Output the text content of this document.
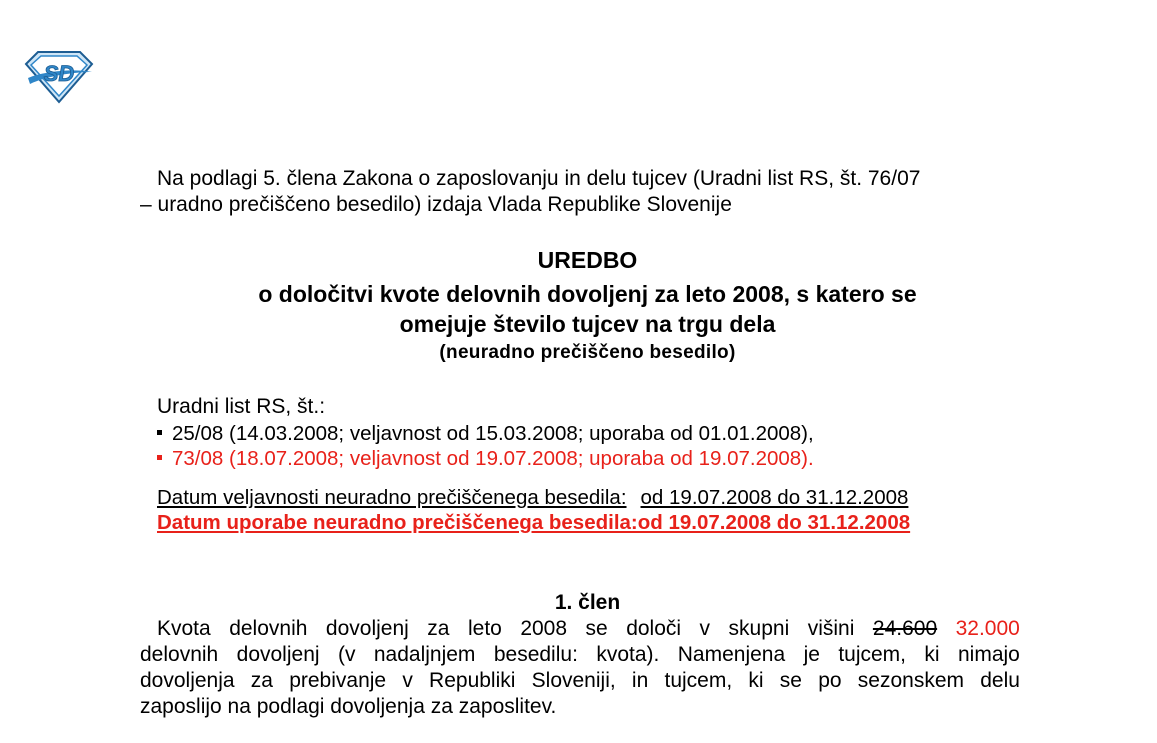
SD
Na podlagi 5. člena Zakona o zaposlovanju in delu tujcev (Uradni list RS, št. 76/07
– uradno prečiščeno besedilo) izdaja Vlada Republike Slovenije
UREDBO
o določitvi kvote delovnih dovoljenj za leto 2008, s katero se
omejuje število tujcev na trgu dela
(neuradno prečiščeno besedilo)
Uradni list RS, št.:
25/08 (14.03.2008; veljavnost od 15.03.2008; uporaba od 01.01.2008),
73/08 (18.07.2008; veljavnost od 19.07.2008; uporaba od 19.07.2008).
Datum veljavnosti neuradno prečiščenega besedila: od 19.07.2008 do 31.12.2008
Datum uporabe neuradno prečiščenega besedila:od 19.07.2008 do 31.12.2008
1. člen
Kvota delovnih dovoljenj za leto 2008 se določi v skupni višini 24.600 32.000
delovnih dovoljenj (v nadaljnjem besedilu: kvota). Namenjena je tujcem, ki nimajo
dovoljenja za prebivanje v Republiki Sloveniji, in tujcem, ki se po sezonskem delu
zaposlijo na podlagi dovoljenja za zaposlitev.
